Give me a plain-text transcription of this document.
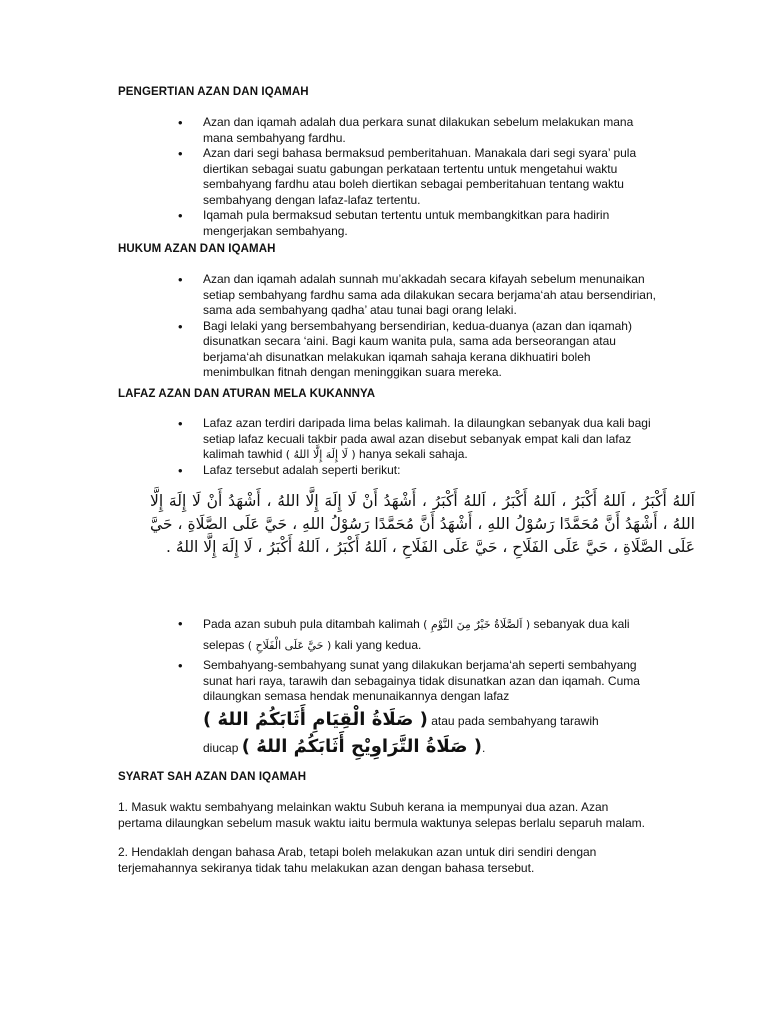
PENGERTIAN AZAN DAN IQAMAH
• Azan dan iqamah adalah dua perkara sunat dilakukan sebelum melakukan mana mana sembahyang fardhu.
• Azan dari segi bahasa bermaksud pemberitahuan. Manakala dari segi syara’ pula diertikan sebagai suatu gabungan perkataan tertentu untuk mengetahui waktu sembahyang fardhu atau boleh diertikan sebagai pemberitahuan tentang waktu sembahyang dengan lafaz-lafaz tertentu.
• Iqamah pula bermaksud sebutan tertentu untuk membangkitkan para hadirin mengerjakan sembahyang.
HUKUM AZAN DAN IQAMAH
• Azan dan iqamah adalah sunnah mu’akkadah secara kifayah sebelum menunaikan setiap sembahyang fardhu sama ada dilakukan secara berjama‘ah atau bersendirian, sama ada sembahyang qadha’ atau tunai bagi orang lelaki.
• Bagi lelaki yang bersembahyang bersendirian, kedua-duanya (azan dan iqamah) disunatkan secara ‘aini. Bagi kaum wanita pula, sama ada berseorangan atau berjama‘ah disunatkan melakukan iqamah sahaja kerana dikhuatiri boleh menimbulkan fitnah dengan meninggikan suara mereka.
LAFAZ AZAN DAN ATURAN MELA KUKANNYA
• Lafaz azan terdiri daripada lima belas kalimah. Ia dilaungkan sebanyak dua kali bagi setiap lafaz kecuali takbir pada awal azan disebut sebanyak empat kali dan lafaz kalimah tawhid ( لَا إِلَهَ إِلَّا اللهُ ) hanya sekali sahaja.
• Lafaz tersebut adalah seperti berikut:
اَللهُ أَكْبَرُ ، اَللهُ أَكْبَرُ ، اَللهُ أَكْبَرُ ، اَللهُ أَكْبَرُ ، أَشْهَدُ أَنْ لَا إِلَهَ إِلَّا اللهُ ، أَشْهَدُ أَنْ لَا إِلَهَ إِلَّا اللهُ ، أَشْهَدُ أَنَّ مُحَمَّدًا رَسُوْلُ اللهِ ، أَشْهَدُ أَنَّ مُحَمَّدًا رَسُوْلُ اللهِ ، حَيَّ عَلَى الصَّلَاةِ ، حَيَّ عَلَى الصَّلَاةِ ، حَيَّ عَلَى الفَلَاحِ ، حَيَّ عَلَى الفَلَاحِ ، اَللهُ أَكْبَرُ ، اَللهُ أَكْبَرُ ، لَا إِلَهَ إِلَّا اللهُ .
• Pada azan subuh pula ditambah kalimah ( اَلصَّلَاةُ خَيْرٌ مِنَ النَّوْمِ ) sebanyak dua kali selepas ( حَيَّ عَلَى الْفَلَاحِ ) kali yang kedua.
• Sembahyang-sembahyang sunat yang dilakukan berjama‘ah seperti sembahyang sunat hari raya, tarawih dan sebagainya tidak disunatkan azan dan iqamah. Cuma dilaungkan semasa hendak menunaikannya dengan lafaz
( صَلَاةُ الْقِيَامِ أَثَابَكُمُ اللهُ ) atau pada sembahyang tarawih
diucap ( صَلَاةُ التَّرَاوِيْحِ أَثَابَكُمُ اللهُ ).
SYARAT SAH AZAN DAN IQAMAH

1. Masuk waktu sembahyang melainkan waktu Subuh kerana ia mempunyai dua azan. Azan pertama dilaungkan sebelum masuk waktu iaitu bermula waktunya selepas berlalu separuh malam.

2. Hendaklah dengan bahasa Arab, tetapi boleh melakukan azan untuk diri sendiri dengan terjemahannya sekiranya tidak tahu melakukan azan dengan bahasa tersebut.
